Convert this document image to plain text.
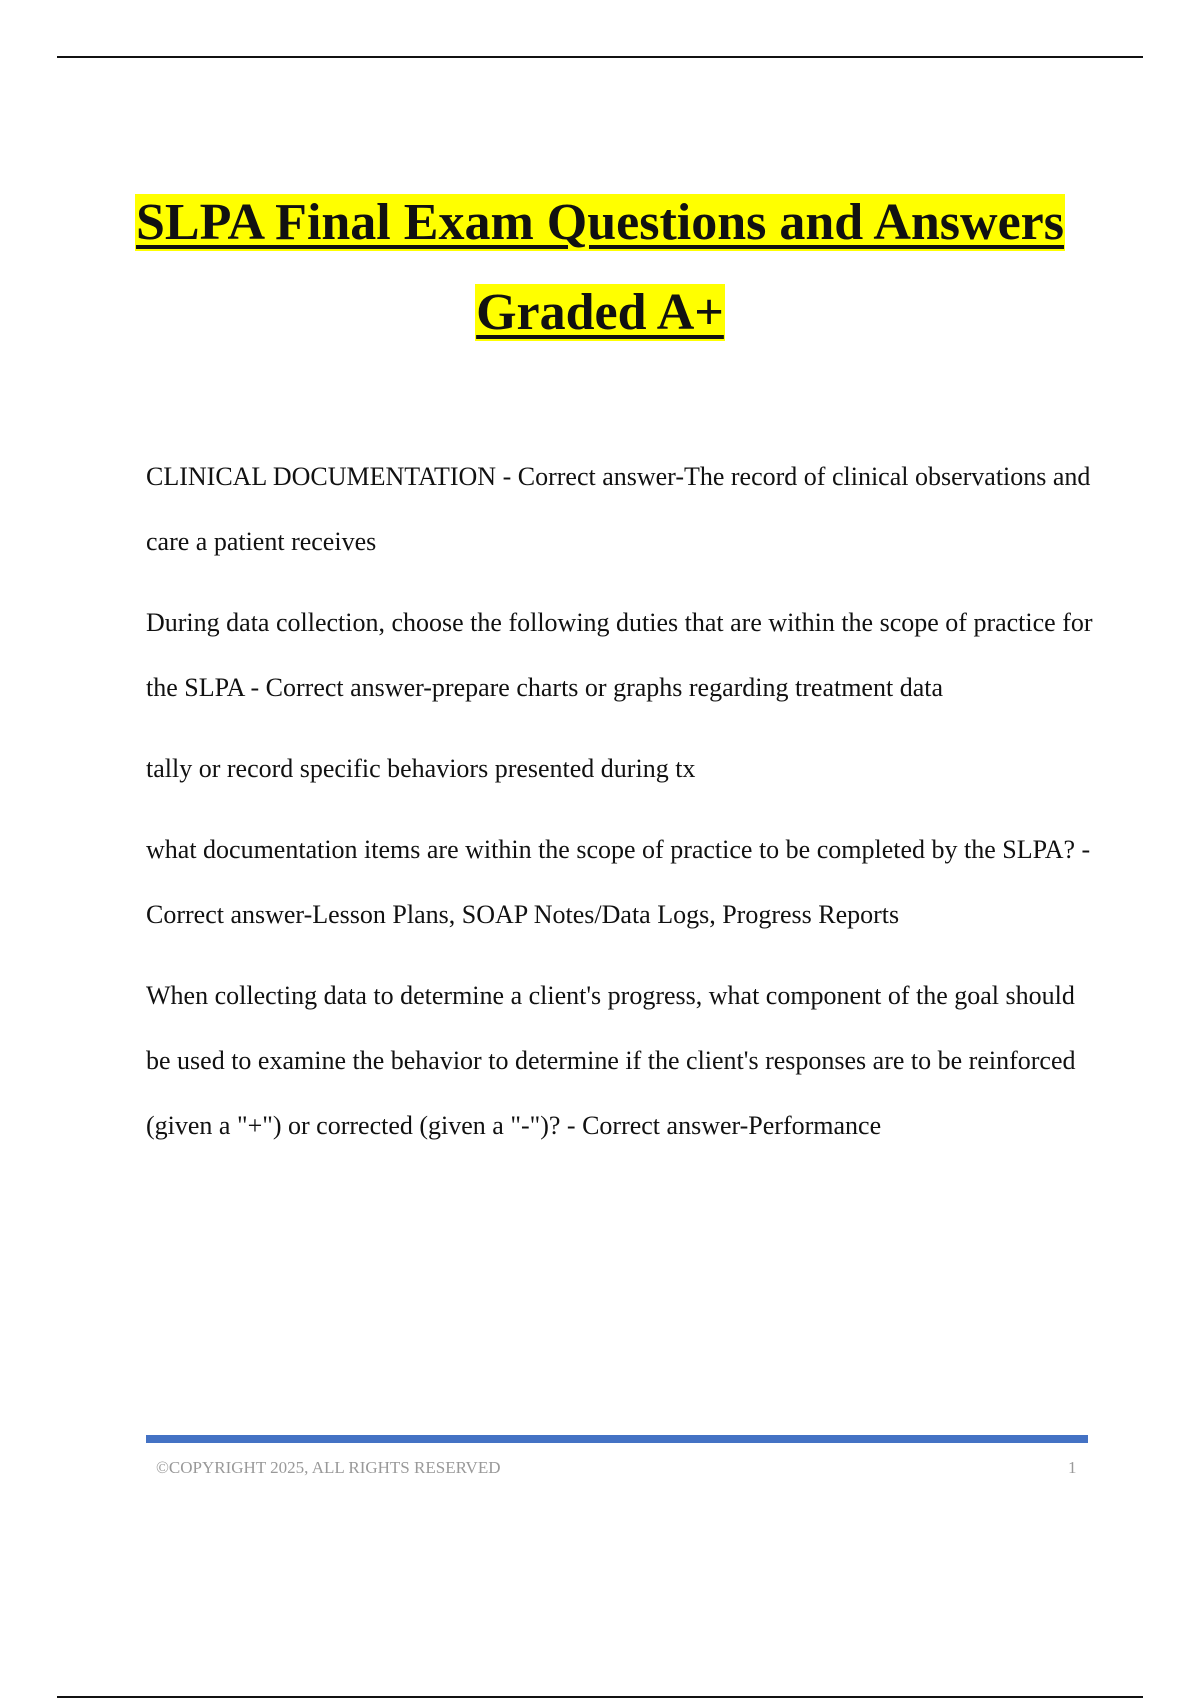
SLPA Final Exam Questions and Answers
Graded A+

CLINICAL DOCUMENTATION - Correct answer-The record of clinical observations and care a patient receives

During data collection, choose the following duties that are within the scope of practice for the SLPA - Correct answer-prepare charts or graphs regarding treatment data

tally or record specific behaviors presented during tx

what documentation items are within the scope of practice to be completed by the SLPA? - Correct answer-Lesson Plans, SOAP Notes/Data Logs, Progress Reports

When collecting data to determine a client's progress, what component of the goal should be used to examine the behavior to determine if the client's responses are to be reinforced (given a "+") or corrected (given a "-")? - Correct answer-Performance

©COPYRIGHT 2025, ALL RIGHTS RESERVED	1
